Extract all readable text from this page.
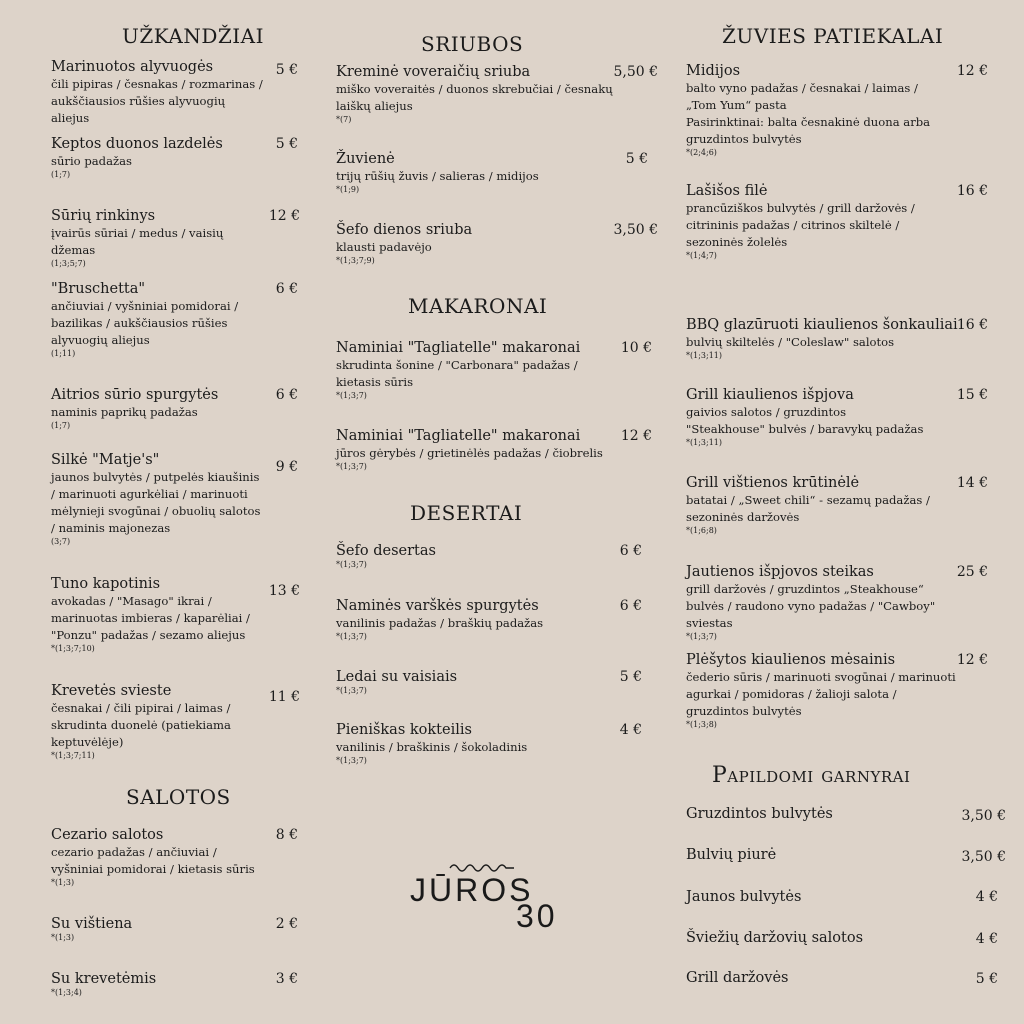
UŽKANDŽIAI
Marinuotos alyvuogės
čili pipiras / česnakas / rozmarinas / aukščiausios rūšies alyvuogių aliejus
5 €
Keptos duonos lazdelės
sūrio padažas
(1;7)
5 €
Sūrių rinkinys
įvairūs sūriai / medus / vaisių džemas
(1;3;5;7)
12 €
"Bruschetta"
ančiuviai / vyšniniai pomidorai / bazilikas / aukščiausios rūšies alyvuogių aliejus
(1;11)
6 €
Aitrios sūrio spurgytės
naminis paprikų padažas
(1;7)
6 €
Silkė "Matje's"
jaunos bulvytės / putpelės kiaušinis / marinuoti agurkėliai / marinuoti mėlynieji svogūnai / obuolių salotos / naminis majonezas
(3;7)
9 €
Tuno kapotinis
avokadas / "Masago" ikrai / marinuotas imbieras / kaparėliai / "Ponzu" padažas / sezamo aliejus
*(1;3;7;10)
13 €
Krevetės sviestе
česnakai / čili pipirai / laimas / skrudinta duonelė (patiekiama keptuvėlėje)
*(1;3;7;11)
11 €
SALOTOS
Cezario salotos
cezario padažas / ančiuviai / vyšniniai pomidorai / kietasis sūris
*(1;3)
8 €
Su vištiena
*(1;3)
2 €
Su krevetėmis
*(1;3;4)
3 €
SRIUBOS
Kreminė voveraičių sriuba
miško voveraitės / duonos skrebučiai / česnakų laiškų aliejus
*(7)
5,50 €
Žuvienė
trijų rūšių žuvis / salieras / midijos
*(1;9)
5 €
Šefo dienos sriuba
klausti padavėjo
*(1;3;7;9)
3,50 €
MAKARONAI
Naminiai "Tagliatelle" makaronai
skrudinta šonine / "Carbonara" padažas / kietasis sūris
*(1;3;7)
10 €
Naminiai "Tagliatelle" makaronai
jūros gėrybės / grietinėlės padažas / čiobrelis
*(1;3;7)
12 €
DESERTAI
Šefo desertas
*(1;3;7)
6 €
Naminės varškės spurgytės
vanilinis padažas / braškių padažas
*(1;3;7)
6 €
Ledai su vaisiais
*(1;3;7)
5 €
Pieniškas kokteilis
vanilinis / braškinis / šokoladinis
*(1;3;7)
4 €
JŪROS
30
ŽUVIES PATIEKALAI
Midijos
balto vyno padažas / česnakai / laimas / „Tom Yum“ pasta
Pasirinktinai: balta česnakinė duona arba gruzdintos bulvytės
*(2;4;6)
12 €
Lašišos filė
prancūziškos bulvytės / grill daržovės / citrininis padažas / citrinos skiltelė / sezoninės žolelės
*(1;4;7)
16 €
BBQ glazūruoti kiaulienos šonkauliai
bulvių skiltelės / "Coleslaw" salotos
*(1;3;11)
16 €
Grill kiaulienos išpjova
gaivios salotos / gruzdintos "Steakhouse" bulvės / baravykų padažas
*(1;3;11)
15 €
Grill vištienos krūtinėlė
batatai / „Sweet chili“ - sezamų padažas / sezoninės daržovės
*(1;6;8)
14 €
Jautienos išpjovos steikas
grill daržovės / gruzdintos „Steakhouse“ bulvės / raudono vyno padažas / "Cawboy" sviestas
*(1;3;7)
25 €
Plėšytos kiaulienos mėsainis
čederio sūris / marinuoti svogūnai / marinuoti agurkai / pomidoras / žalioji salota / gruzdintos bulvytės
*(1;3;8)
12 €
Papildomi garnyrai
Gruzdintos bulvytės	3,50 €
Bulvių piurė	3,50 €
Jaunos bulvytės	4 €
Šviežių daržovių salotos	4 €
Grill daržovės	5 €
